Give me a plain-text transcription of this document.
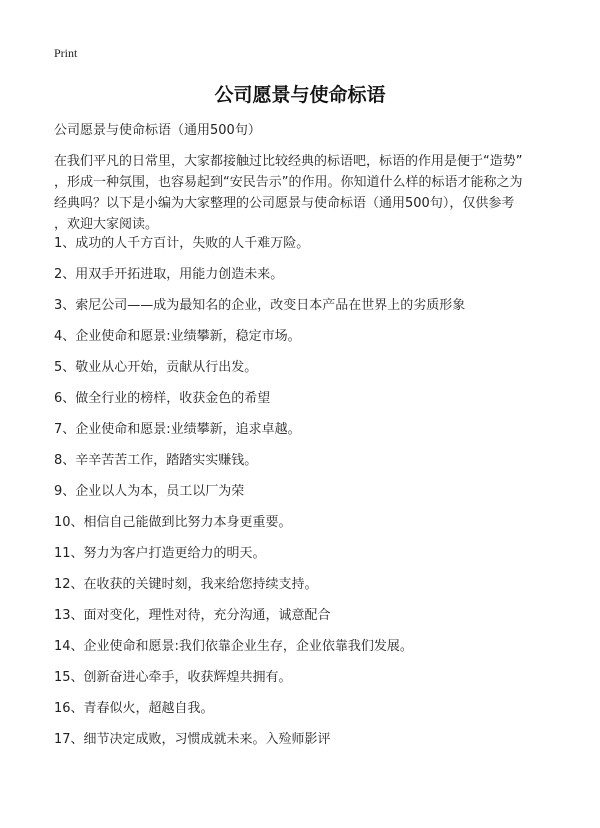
Print
公司愿景与使命标语
公司愿景与使命标语（通用500句）
在我们平凡的日常里，大家都接触过比较经典的标语吧，标语的作用是便于“造势”
，形成一种氛围，也容易起到“安民告示”的作用。你知道什么样的标语才能称之为
经典吗？以下是小编为大家整理的公司愿景与使命标语（通用500句），仅供参考
，欢迎大家阅读。
1、成功的人千方百计，失败的人千难万险。
2、用双手开拓进取，用能力创造未来。
3、索尼公司——成为最知名的企业，改变日本产品在世界上的劣质形象
4、企业使命和愿景:业绩攀新，稳定市场。
5、敬业从心开始，贡献从行出发。
6、做全行业的榜样，收获金色的希望
7、企业使命和愿景:业绩攀新，追求卓越。
8、辛辛苦苦工作，踏踏实实赚钱。
9、企业以人为本，员工以厂为荣
10、相信自己能做到比努力本身更重要。
11、努力为客户打造更给力的明天。
12、在收获的关键时刻，我来给您持续支持。
13、面对变化，理性对待，充分沟通，诚意配合
14、企业使命和愿景:我们依靠企业生存，企业依靠我们发展。
15、创新奋进心牵手，收获辉煌共拥有。
16、青春似火，超越自我。
17、细节决定成败，习惯成就未来。入殓师影评
